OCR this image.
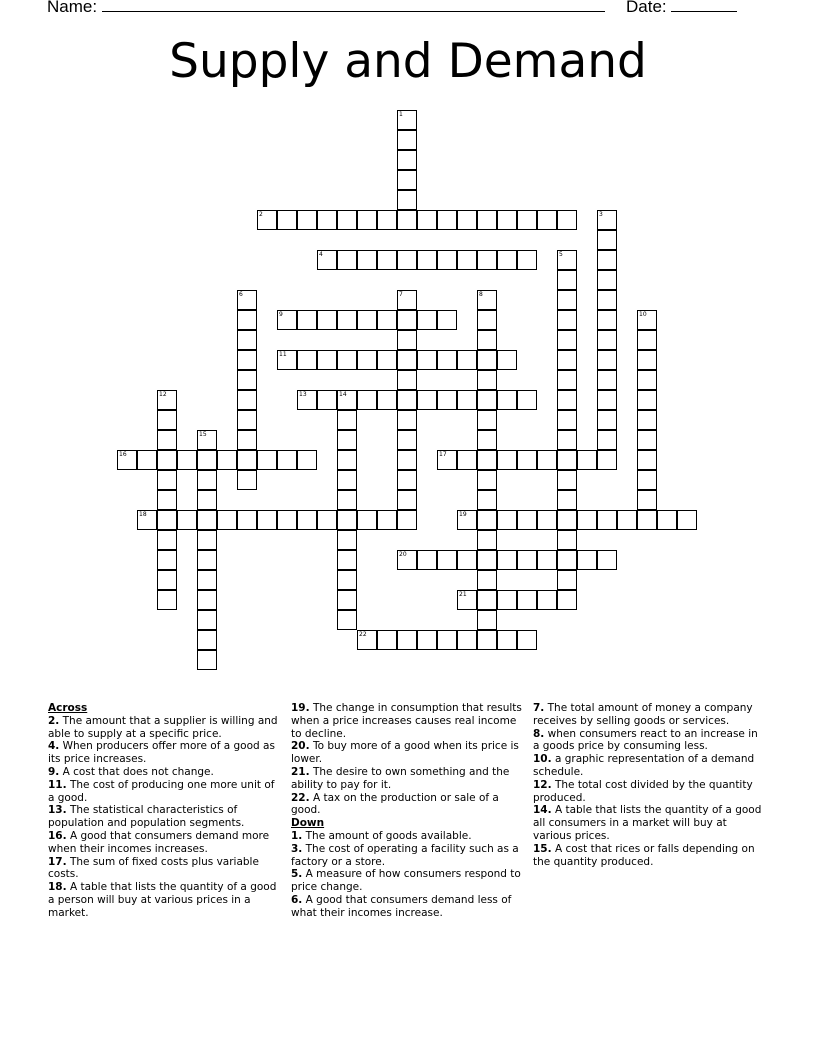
Name:	Date:
Supply and Demand
1
2	3
4	5
6	7	8
9	10
11
12	13	14
15
16	17
18	19
20
21
22
Across
2. The amount that a supplier is willing and able to supply at a specific price.
4. When producers offer more of a good as its price increases.
9. A cost that does not change.
11. The cost of producing one more unit of a good.
13. The statistical characteristics of population and population segments.
16. A good that consumers demand more when their incomes increases.
17. The sum of fixed costs plus variable costs.
18. A table that lists the quantity of a good a person will buy at various prices in a market.
19. The change in consumption that results when a price increases causes real income to decline.
20. To buy more of a good when its price is lower.
21. The desire to own something and the ability to pay for it.
22. A tax on the production or sale of a good.
Down
1. The amount of goods available.
3. The cost of operating a facility such as a factory or a store.
5. A measure of how consumers respond to price change.
6. A good that consumers demand less of what their incomes increase.
7. The total amount of money a company receives by selling goods or services.
8. when consumers react to an increase in a goods price by consuming less.
10. a graphic representation of a demand schedule.
12. The total cost divided by the quantity produced.
14. A table that lists the quantity of a good all consumers in a market will buy at various prices.
15. A cost that rices or falls depending on the quantity produced.
